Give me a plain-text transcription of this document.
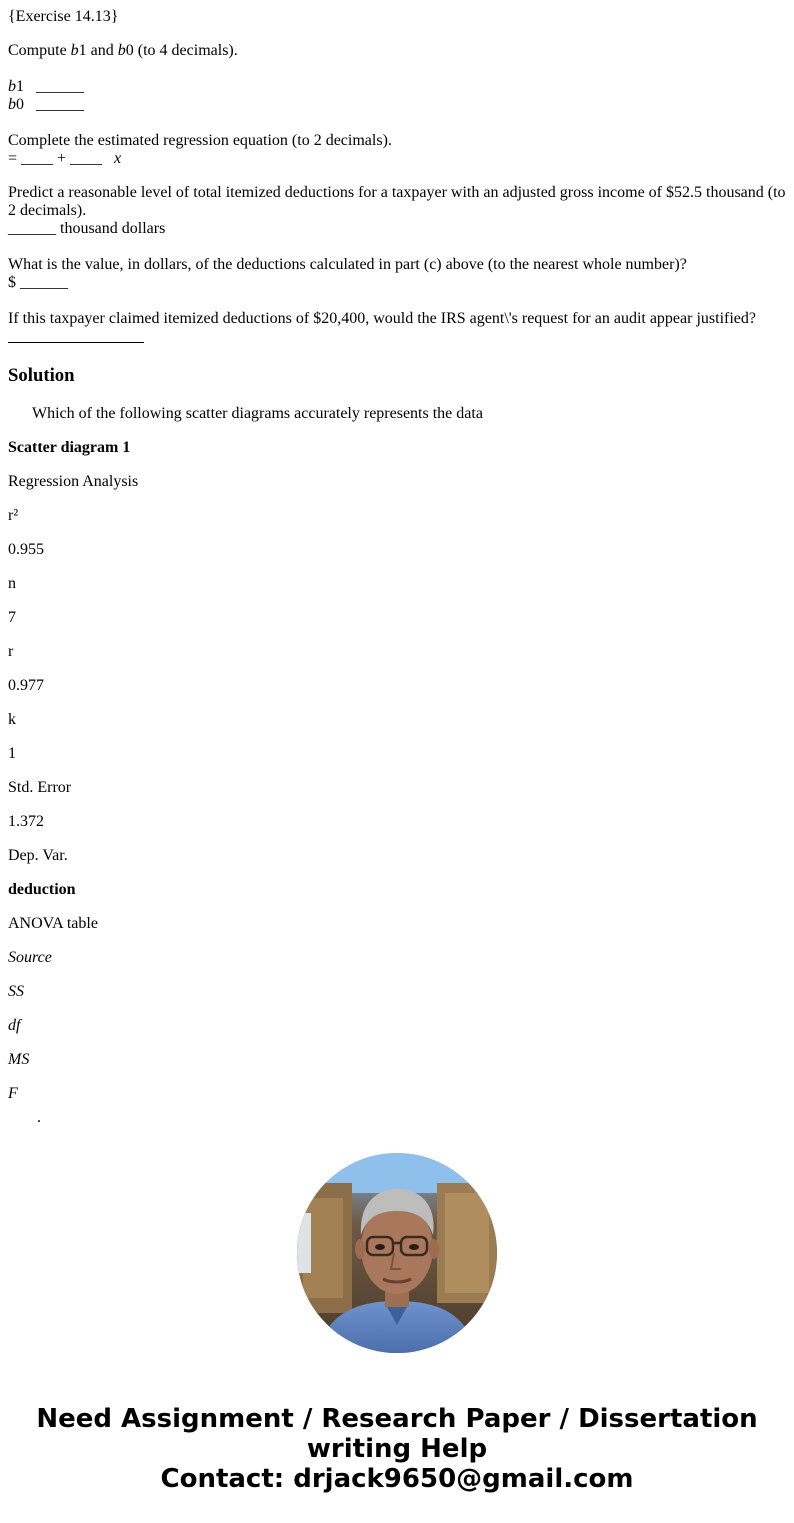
{Exercise 14.13}
Compute b1 and b0 (to 4 decimals).
b1 ______
b0 ______
Complete the estimated regression equation (to 2 decimals).
= ____ + ____ x
Predict a reasonable level of total itemized deductions for a taxpayer with an adjusted gross income of $52.5 thousand (to 2 decimals).
______ thousand dollars
What is the value, in dollars, of the deductions calculated in part (c) above (to the nearest whole number)?
$ ______
If this taxpayer claimed itemized deductions of $20,400, would the IRS agent\'s request for an audit appear justified?
Solution
Which of the following scatter diagrams accurately represents the data
Scatter diagram 1
Regression Analysis
r²
0.955
n
7
r
0.977
k
1
Std. Error
1.372
Dep. Var.
deduction
ANOVA table
Source
SS
df
MS
F
.
Need Assignment / Research Paper / Dissertation
writing Help
Contact: drjack9650@gmail.com
